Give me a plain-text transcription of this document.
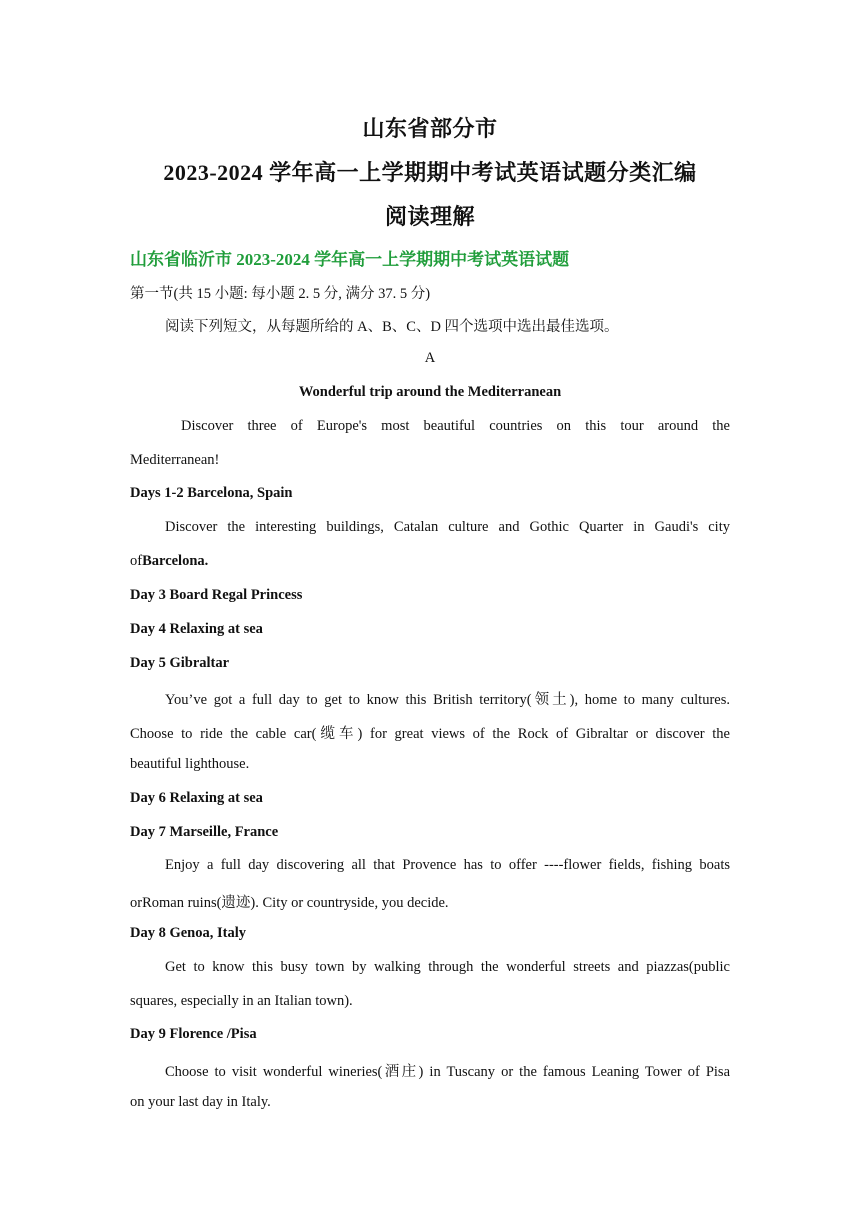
山东省部分市
2023-2024 学年高一上学期期中考试英语试题分类汇编
阅读理解
山东省临沂市 2023-2024 学年高一上学期期中考试英语试题
第一节(共 15 小题: 每小题 2. 5 分, 满分 37. 5 分)
阅读下列短文，从每题所给的 A、B、C、D 四个选项中选出最佳选项。
A
Wonderful trip around the Mediterranean
Discover three of Europe's most beautiful countries on this tour around the
Mediterranean!
Days 1-2 Barcelona, Spain
Discover the interesting buildings, Catalan culture and Gothic Quarter in Gaudi's city
ofBarcelona.
Day 3 Board Regal Princess
Day 4 Relaxing at sea
Day 5 Gibraltar
You’ve got a full day to get to know this British territory(领土), home to many cultures.
Choose to ride the cable car(缆车) for great views of the Rock of Gibraltar or discover the
beautiful lighthouse.
Day 6 Relaxing at sea
Day 7 Marseille, France
Enjoy a full day discovering all that Provence has to offer ----flower fields, fishing boats
orRoman ruins(遗迹). City or countryside, you decide.
Day 8 Genoa, Italy
Get to know this busy town by walking through the wonderful streets and piazzas(public
squares, especially in an Italian town).
Day 9 Florence /Pisa
Choose to visit wonderful wineries(酒庄) in Tuscany or the famous Leaning Tower of Pisa
on your last day in Italy.
